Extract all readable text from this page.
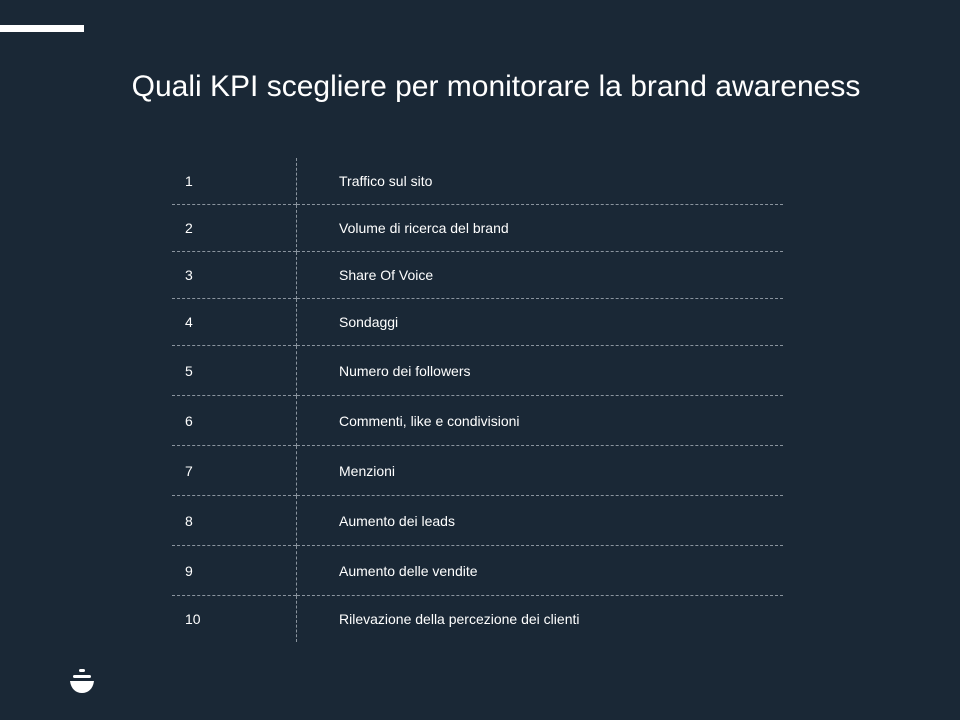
Quali KPI scegliere per monitorare la brand awareness
1	Traffico sul sito
2	Volume di ricerca del brand
3	Share Of Voice
4	Sondaggi
5	Numero dei followers
6	Commenti, like e condivisioni
7	Menzioni
8	Aumento dei leads
9	Aumento delle vendite
10	Rilevazione della percezione dei clienti
